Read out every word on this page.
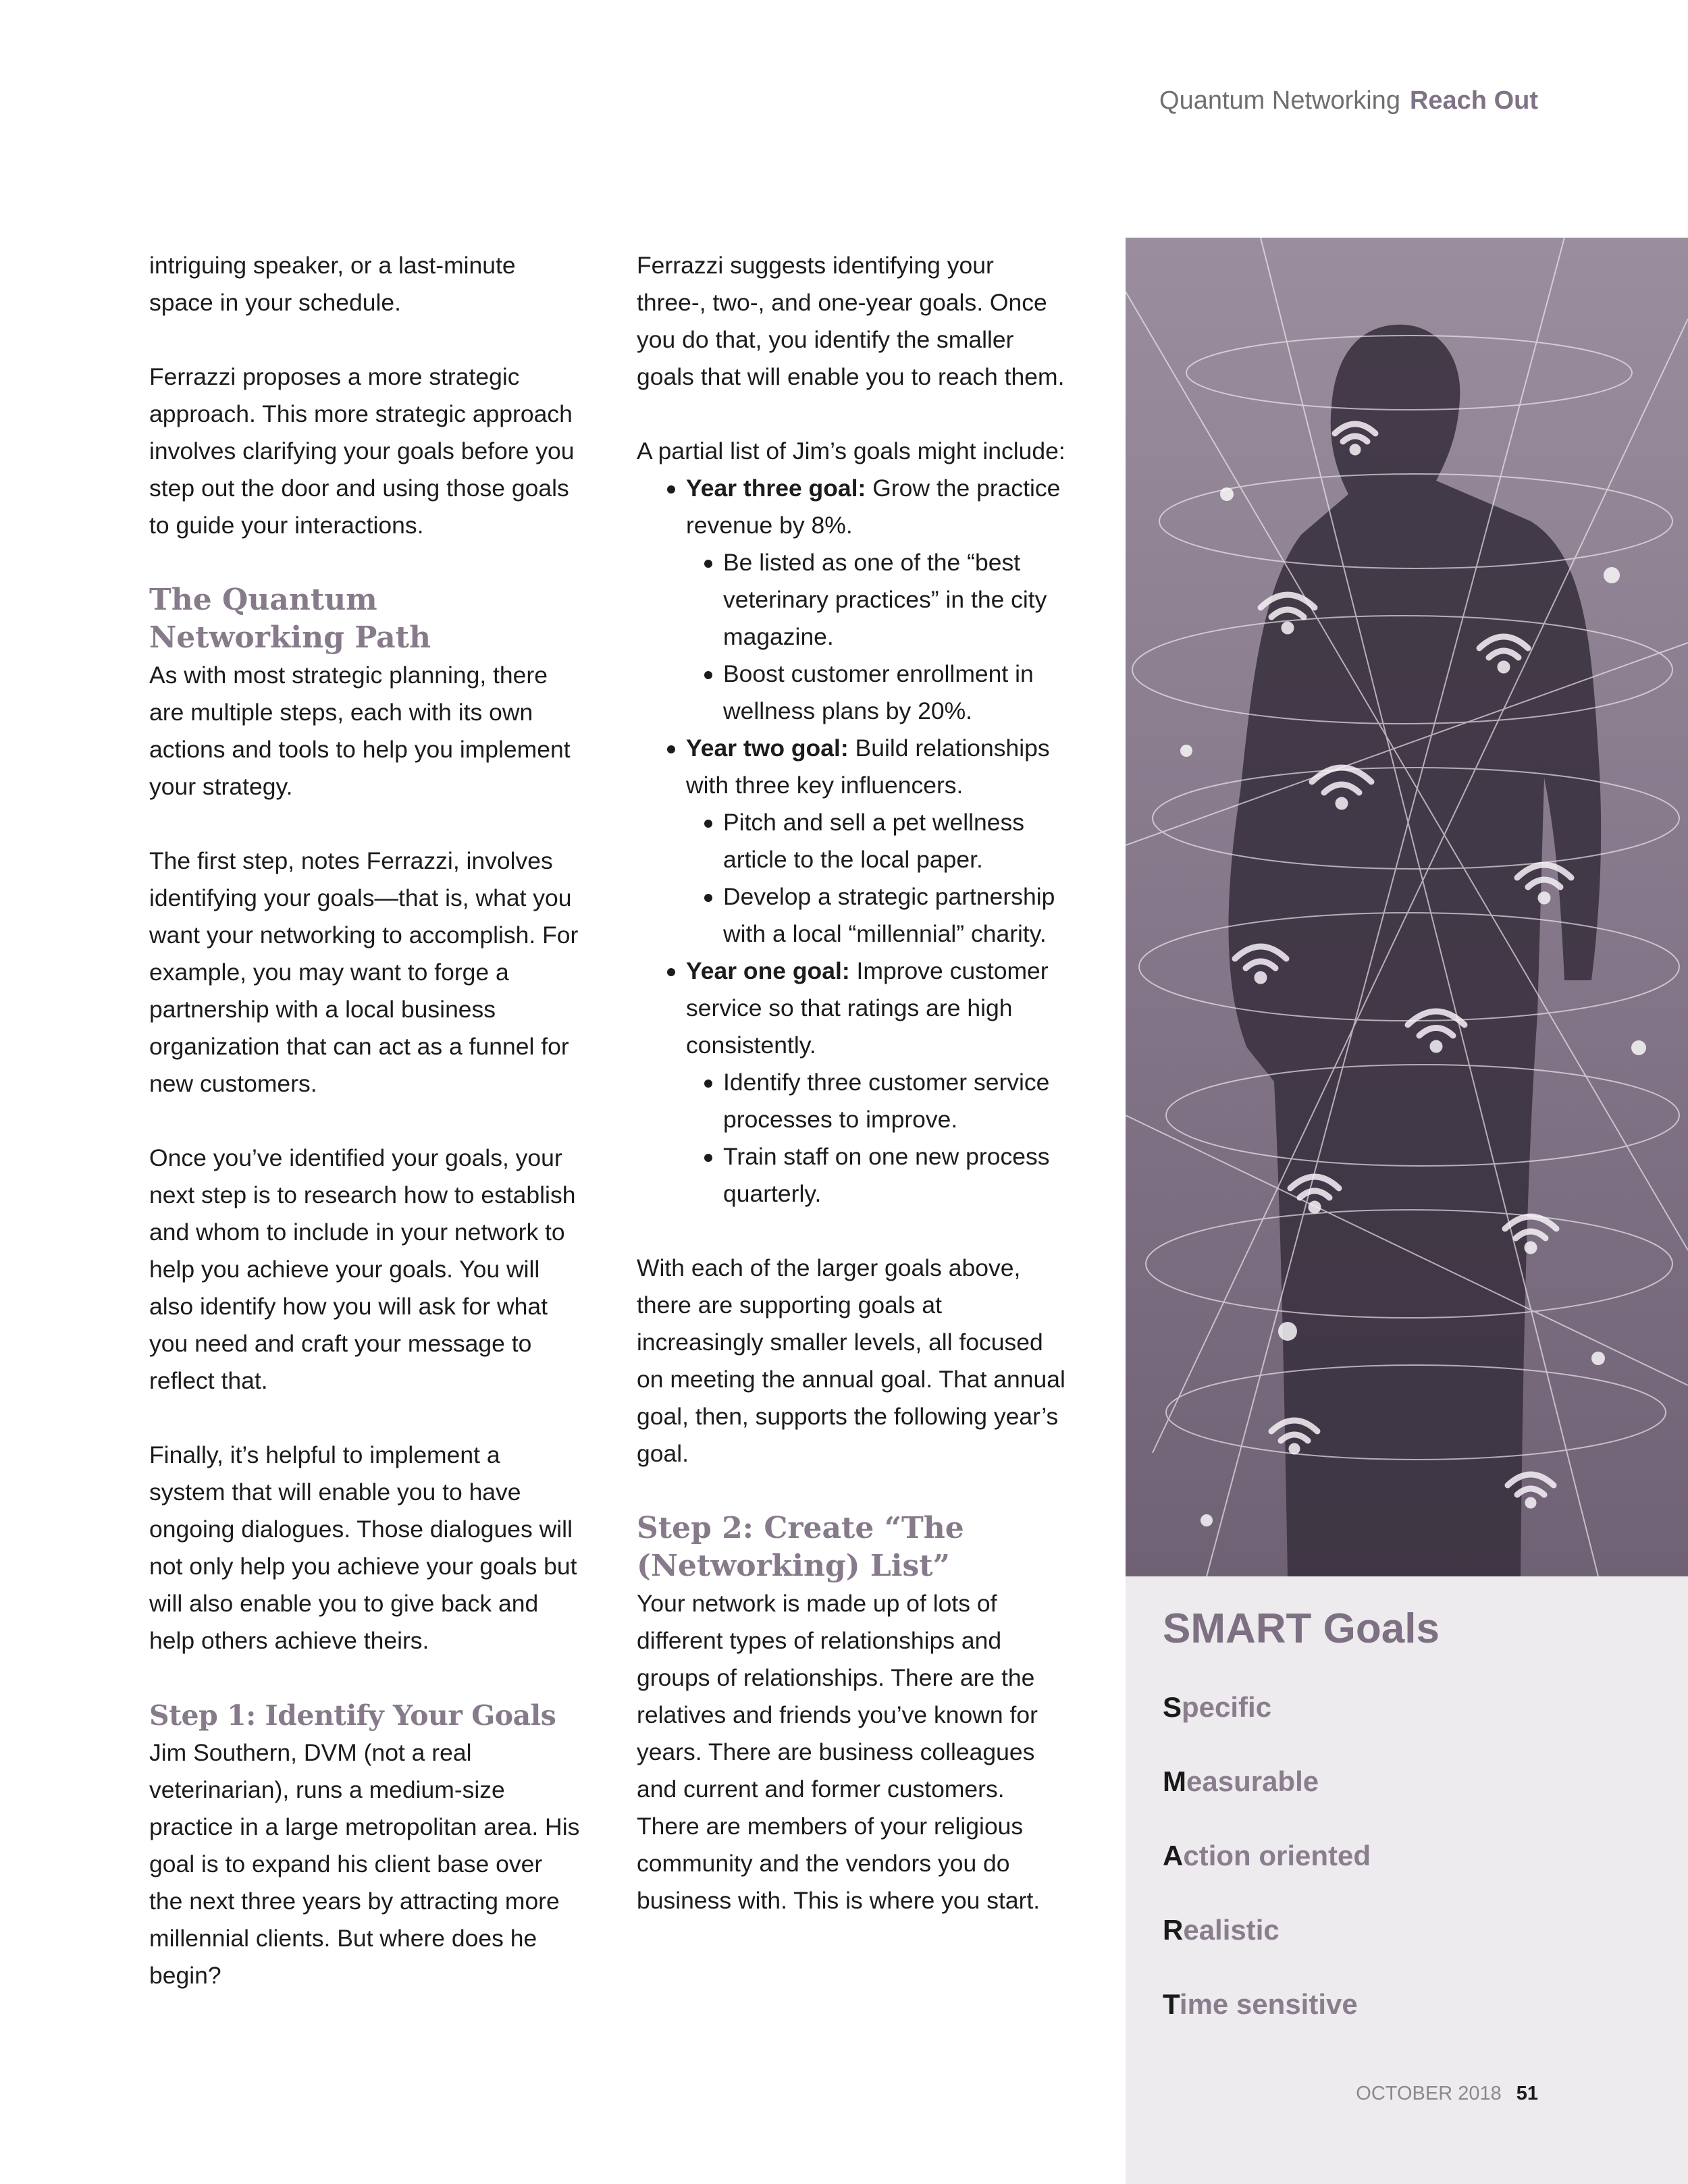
Quantum Networking Reach Out

intriguing speaker, or a last-minute space in your schedule.

Ferrazzi proposes a more strategic approach. This more strategic approach involves clarifying your goals before you step out the door and using those goals to guide your interactions.

The Quantum
Networking Path

As with most strategic planning, there are multiple steps, each with its own actions and tools to help you implement your strategy.

The first step, notes Ferrazzi, involves identifying your goals—that is, what you want your networking to accomplish. For example, you may want to forge a partnership with a local business organization that can act as a funnel for new customers.

Once you’ve identified your goals, your next step is to research how to establish and whom to include in your network to help you achieve your goals. You will also identify how you will ask for what you need and craft your message to reflect that.

Finally, it’s helpful to implement a system that will enable you to have ongoing dialogues. Those dialogues will not only help you achieve your goals but will also enable you to give back and help others achieve theirs.

Step 1: Identify Your Goals

Jim Southern, DVM (not a real veterinarian), runs a medium-size practice in a large metropolitan area. His goal is to expand his client base over the next three years by attracting more millennial clients. But where does he begin?

Ferrazzi suggests identifying your three-, two-, and one-year goals. Once you do that, you identify the smaller goals that will enable you to reach them.

A partial list of Jim’s goals might include:

Year three goal: Grow the practice revenue by 8%.
Be listed as one of the “best veterinary practices” in the city magazine.
Boost customer enrollment in wellness plans by 20%.
Year two goal: Build relationships with three key influencers.
Pitch and sell a pet wellness article to the local paper.
Develop a strategic partnership with a local “millennial” charity.
Year one goal: Improve customer service so that ratings are high consistently.
Identify three customer service processes to improve.
Train staff on one new process quarterly.

With each of the larger goals above, there are supporting goals at increasingly smaller levels, all focused on meeting the annual goal. That annual goal, then, supports the following year’s goal.

Step 2: Create “The
(Networking) List”

Your network is made up of lots of different types of relationships and groups of relationships. There are the relatives and friends you’ve known for years. There are business colleagues and current and former customers. There are members of your religious community and the vendors you do business with. This is where you start.

SMART Goals
Specific
Measurable
Action oriented
Realistic
Time sensitive
OCTOBER 2018 51
